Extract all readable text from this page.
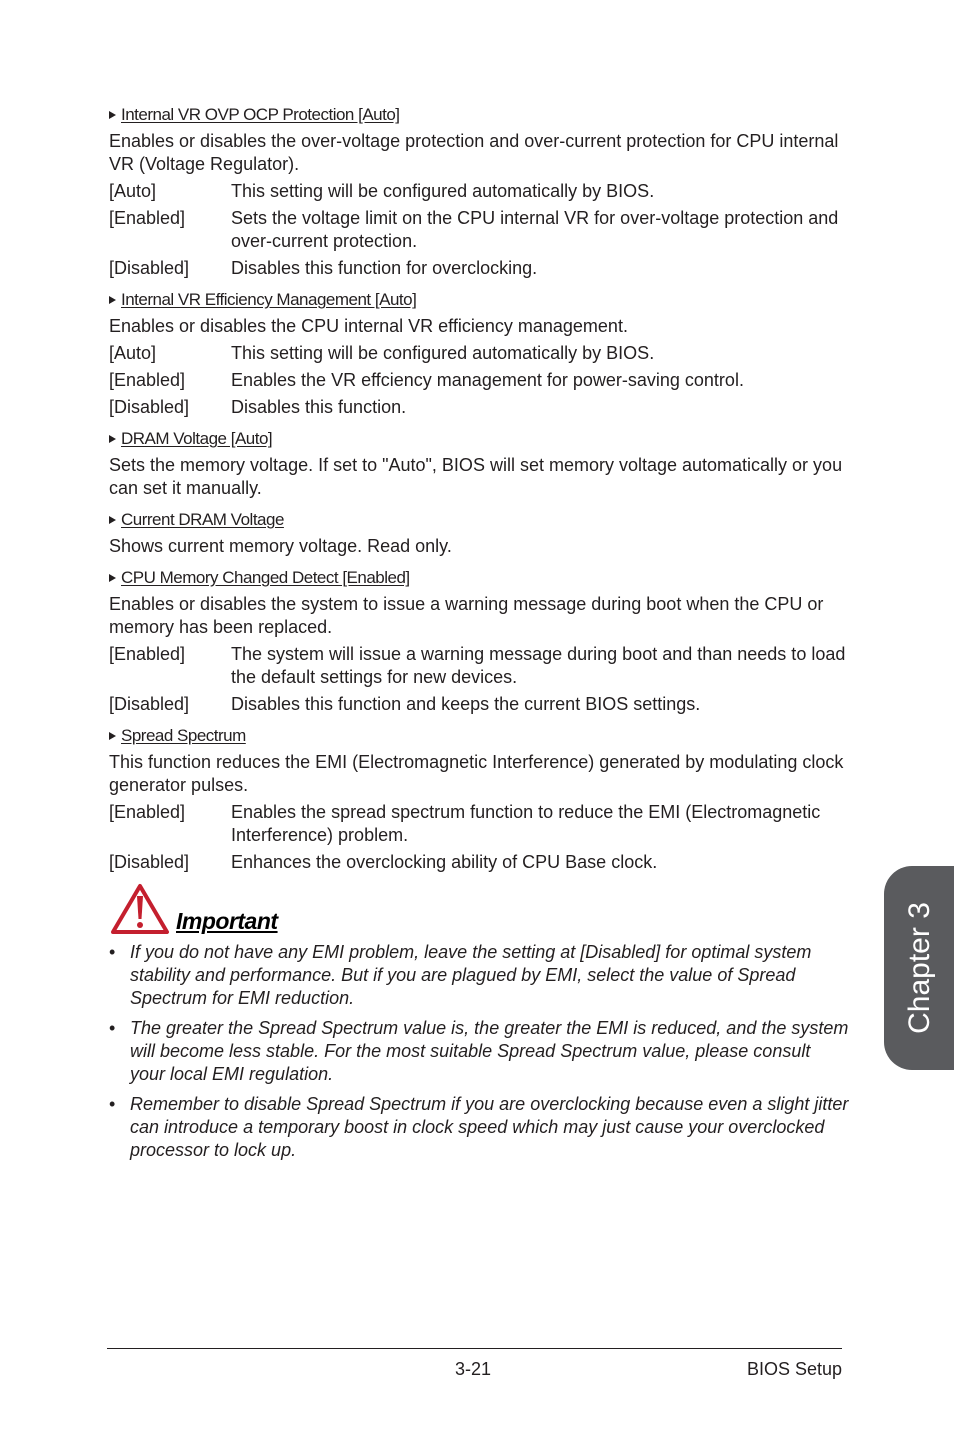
Internal VR OVP OCP Protection [Auto]
Enables or disables the over-voltage protection and over-current protection for CPU internal VR (Voltage Regulator).
[Auto]	This setting will be configured automatically by BIOS.
[Enabled]	Sets the voltage limit on the CPU internal VR for over-voltage protection and over-current protection.
[Disabled]	Disables this function for overclocking.
Internal VR Efficiency Management [Auto]
Enables or disables the CPU internal VR efficiency management.
[Auto]	This setting will be configured automatically by BIOS.
[Enabled]	Enables the VR effciency management for power-saving control.
[Disabled]	Disables this function.
DRAM Voltage [Auto]
Sets the memory voltage. If set to "Auto", BIOS will set memory voltage automatically or you can set it manually.
Current DRAM Voltage
Shows current memory voltage. Read only.
CPU Memory Changed Detect [Enabled]
Enables or disables the system to issue a warning message during boot when the CPU or memory has been replaced.
[Enabled]	The system will issue a warning message during boot and than needs to load the default settings for new devices.
[Disabled]	Disables this function and keeps the current BIOS settings.
Spread Spectrum
This function reduces the EMI (Electromagnetic Interference) generated by modulating clock generator pulses.
[Enabled]	Enables the spread spectrum function to reduce the EMI (Electromagnetic Interference) problem.
[Disabled]	Enhances the overclocking ability of CPU Base clock.
Important
• If you do not have any EMI problem, leave the setting at [Disabled] for optimal system stability and performance. But if you are plagued by EMI, select the value of Spread Spectrum for EMI reduction.
• The greater the Spread Spectrum value is, the greater the EMI is reduced, and the system will become less stable. For the most suitable Spread Spectrum value, please consult your local EMI regulation.
• Remember to disable Spread Spectrum if you are overclocking because even a slight jitter can introduce a temporary boost in clock speed which may just cause your overclocked processor to lock up.
Chapter 3
3-21	BIOS Setup
